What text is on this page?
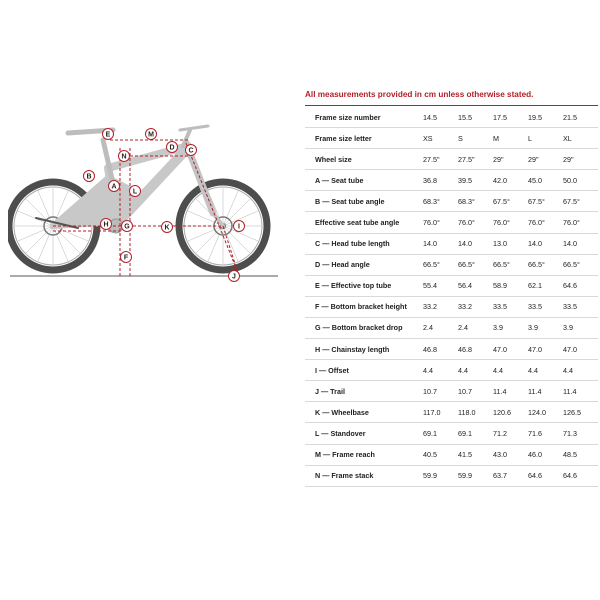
E	M
D C
N
B
A
L
H G	K	I
F
J
All measurements provided in cm unless otherwise stated.
Frame size number	14.5	15.5	17.5	19.5	21.5
Frame size letter	XS	S	M	L	XL
Wheel size	27.5"	27.5"	29"	29"	29"
A — Seat tube	36.8	39.5	42.0	45.0	50.0
B — Seat tube angle	68.3°	68.3°	67.5°	67.5°	67.5°
Effective seat tube angle	76.0°	76.0°	76.0°	76.0°	76.0°
C — Head tube length	14.0	14.0	13.0	14.0	14.0
D — Head angle	66.5°	66.5°	66.5°	66.5°	66.5°
E — Effective top tube	55.4	56.4	58.9	62.1	64.6
F — Bottom bracket height	33.2	33.2	33.5	33.5	33.5
G — Bottom bracket drop	2.4	2.4	3.9	3.9	3.9
H — Chainstay length	46.8	46.8	47.0	47.0	47.0
I — Offset	4.4	4.4	4.4	4.4	4.4
J — Trail	10.7	10.7	11.4	11.4	11.4
K — Wheelbase	117.0	118.0	120.6	124.0	126.5
L — Standover	69.1	69.1	71.2	71.6	71.3
M — Frame reach	40.5	41.5	43.0	46.0	48.5
N — Frame stack	59.9	59.9	63.7	64.6	64.6
